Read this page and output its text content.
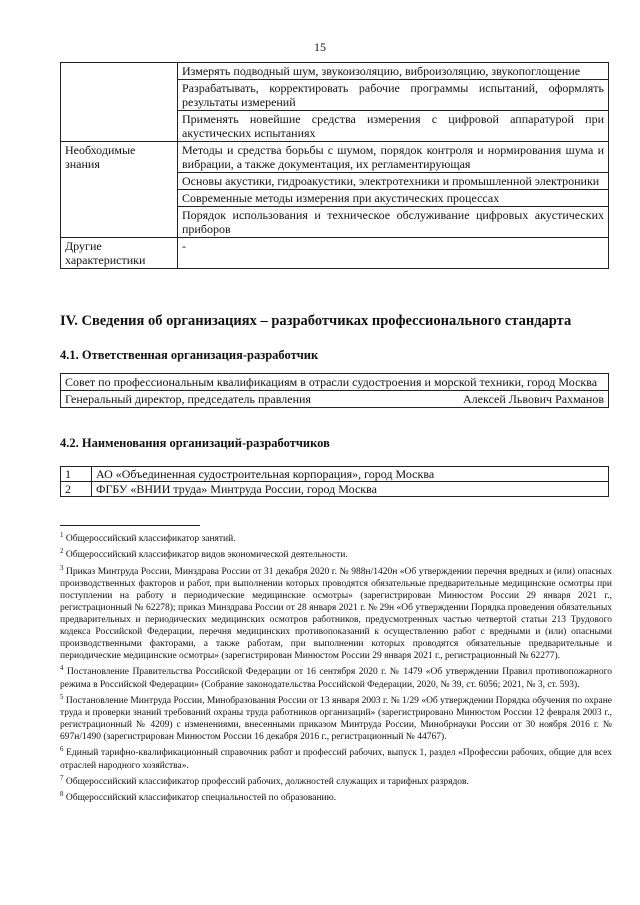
15
	Измерять подводный шум, звукоизоляцию, виброизоляцию, звукопоглощение
	Разрабатывать, корректировать рабочие программы испытаний, оформлять результаты измерений
	Применять новейшие средства измерения с цифровой аппаратурой при акустических испытаниях
Необходимые знания	Методы и средства борьбы с шумом, порядок контроля и нормирования шума и вибрации, а также документация, их регламентирующая
	Основы акустики, гидроакустики, электротехники и промышленной электроники
	Современные методы измерения при акустических процессах
	Порядок использования и техническое обслуживание цифровых акустических приборов
Другие характеристики	-
IV. Сведения об организациях – разработчиках профессионального стандарта
4.1. Ответственная организация-разработчик
Совет по профессиональным квалификациям в отрасли судостроения и морской техники, город Москва

Генеральный директор, председатель правления	Алексей Львович Рахманов
4.2. Наименования организаций-разработчиков
1	АО «Объединенная судостроительная корпорация», город Москва
2	ФГБУ «ВНИИ труда» Минтруда России, город Москва

$^1$ Общероссийский классификатор занятий.

$^2$ Общероссийский классификатор видов экономической деятельности.

$^3$ Приказ Минтруда России, Минздрава России от 31 декабря 2020 г. № 988н/1420н «Об утверждении перечня вредных и (или) опасных производственных факторов и работ, при выполнении которых проводятся обязательные предварительные медицинские осмотры при поступлении на работу и периодические медицинские осмотры» (зарегистрирован Минюстом России 29 января 2021 г., регистрационный № 62278); приказ Минздрава России от 28 января 2021 г. № 29н «Об утверждении Порядка проведения обязательных предварительных и периодических медицинских осмотров работников, предусмотренных частью четвертой статьи 213 Трудового кодекса Российской Федерации, перечня медицинских противопоказаний к осуществлению работ с вредными и (или) опасными производственными факторами, а также работам, при выполнении которых проводятся обязательные предварительные и периодические медицинские осмотры» (зарегистрирован Минюстом России 29 января 2021 г., регистрационный № 62277).

$^4$ Постановление Правительства Российской Федерации от 16 сентября 2020 г. № 1479 «Об утверждении Правил противопожарного режима в Российской Федерации» (Собрание законодательства Российской Федерации, 2020, № 39, ст. 6056; 2021, № 3, ст. 593).

$^5$ Постановление Минтруда России, Минобразования России от 13 января 2003 г. № 1/29 «Об утверждении Порядка обучения по охране труда и проверки знаний требований охраны труда работников организаций» (зарегистрировано Минюстом России 12 февраля 2003 г., регистрационный № 4209) с изменениями, внесенными приказом Минтруда России, Минобрнауки России от 30 ноября 2016 г. № 697н/1490 (зарегистрирован Минюстом России 16 декабря 2016 г., регистрационный № 44767).

$^6$ Единый тарифно-квалификационный справочник работ и профессий рабочих, выпуск 1, раздел «Профессии рабочих, общие для всех отраслей народного хозяйства».

$^7$ Общероссийский классификатор профессий рабочих, должностей служащих и тарифных разрядов.

$^8$ Общероссийский классификатор специальностей по образованию.
